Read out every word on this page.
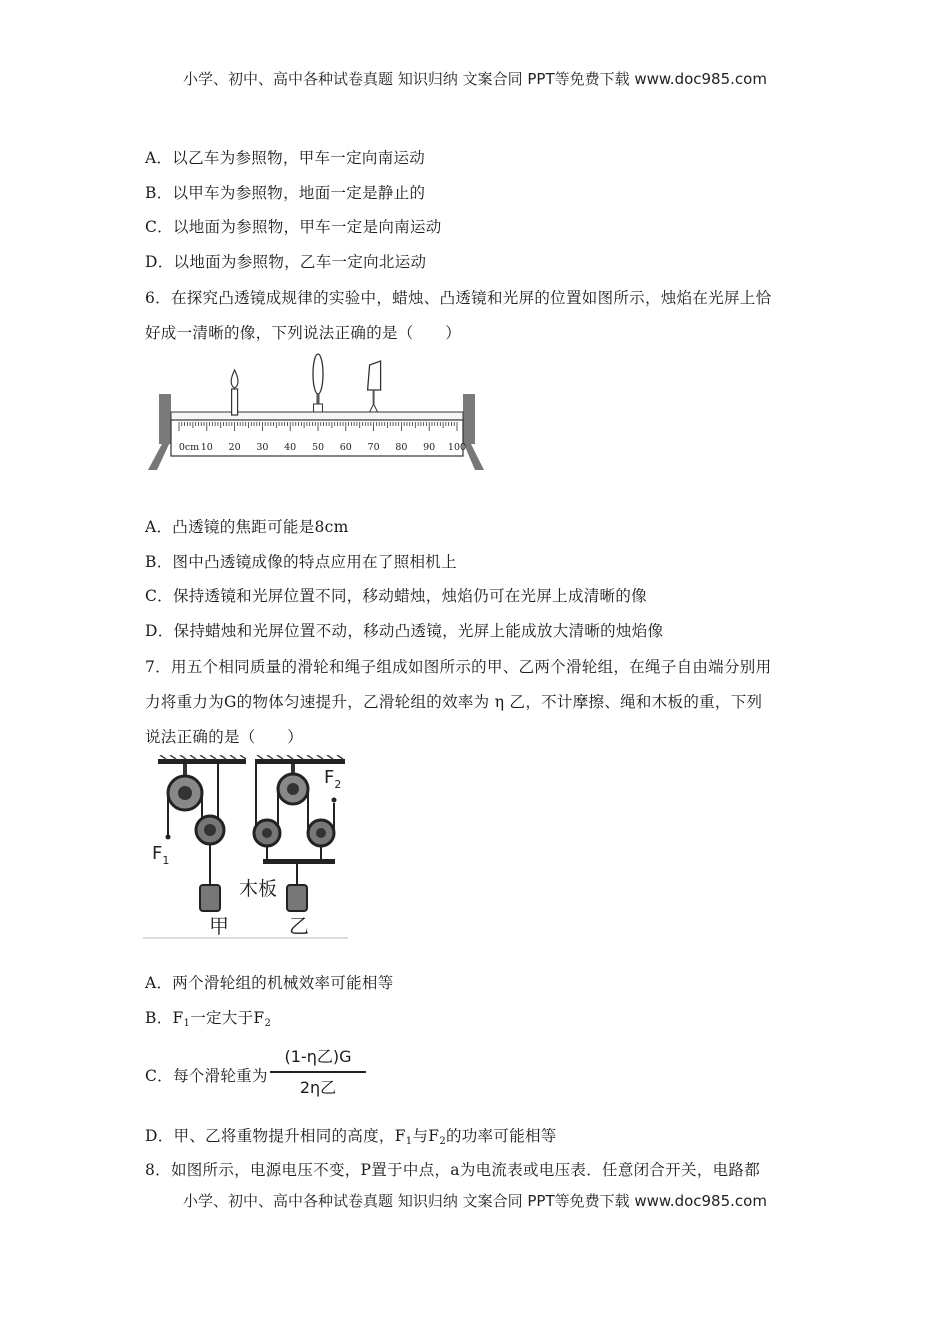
小学、初中、高中各种试卷真题 知识归纳 文案合同 PPT等免费下载 www.doc985.com
A．以乙车为参照物，甲车一定向南运动
B．以甲车为参照物，地面一定是静止的
C．以地面为参照物，甲车一定是向南运动
D．以地面为参照物，乙车一定向北运动
6．在探究凸透镜成规律的实验中，蜡烛、凸透镜和光屏的位置如图所示，烛焰在光屏上恰
好成一清晰的像，下列说法正确的是（　　）
0cm 10 20 30 40 50 60 70 80 90 100
A．凸透镜的焦距可能是8cm
B．图中凸透镜成像的特点应用在了照相机上
C．保持透镜和光屏位置不同，移动蜡烛，烛焰仍可在光屏上成清晰的像
D．保持蜡烛和光屏位置不动，移动凸透镜，光屏上能成放大清晰的烛焰像
7．用五个相同质量的滑轮和绳子组成如图所示的甲、乙两个滑轮组，在绳子自由端分别用
力将重力为G的物体匀速提升，乙滑轮组的效率为 η 乙，不计摩擦、绳和木板的重，下列
说法正确的是（　　）
$F_1$
甲
$F_2$
木板
乙
A．两个滑轮组的机械效率可能相等
B．$F_1$一定大于$F_2$
C．每个滑轮重为
(1-η乙)G
2η乙
D．甲、乙将重物提升相同的高度，$F_1$与$F_2$的功率可能相等
8．如图所示，电源电压不变，P置于中点，a为电流表或电压表．任意闭合开关，电路都
小学、初中、高中各种试卷真题 知识归纳 文案合同 PPT等免费下载 www.doc985.com
